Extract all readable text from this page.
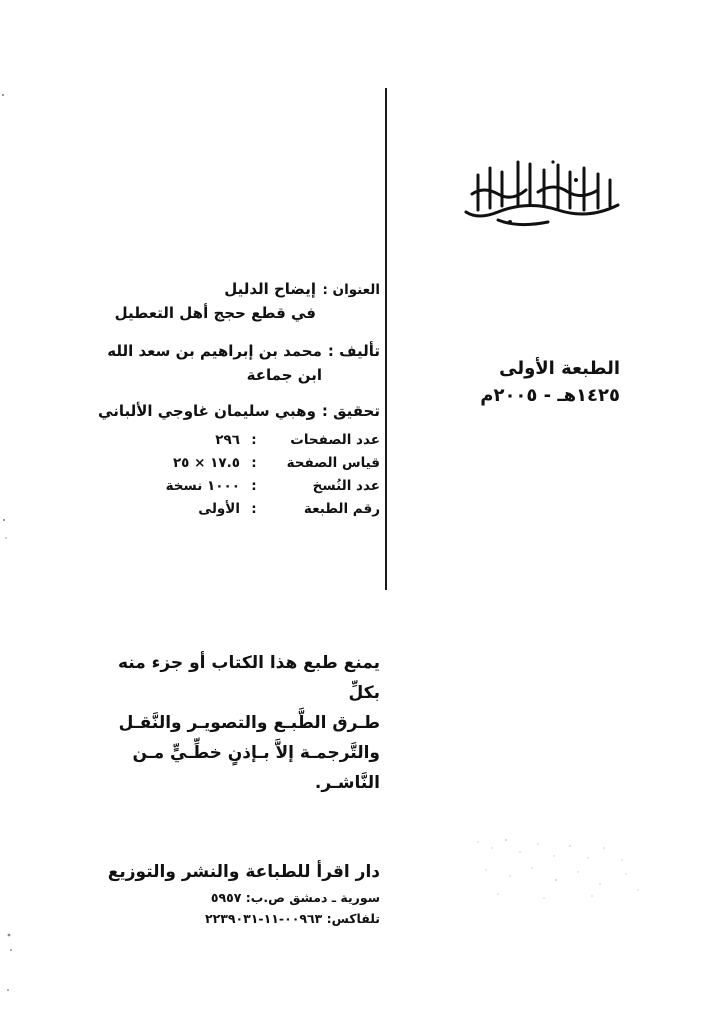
الطبعة الأولى
١٤٢٥هـ - ٢٠٠٥م
العنوان :
إيضاح الدليل
في قطع حجج أهل التعطيل
تأليف :
محمد بن إبراهيم بن سعد الله
ابن جماعة
تحقيق :
وهبي سليمان غاوجي الألباني
عدد الصفحات
:
٢٩٦
قياس الصفحة
:
١٧.٥ × ٢٥
عدد النُسخ
:
١٠٠٠ نسخة
رقم الطبعة
:
الأولى
يمنع طبع هذا الكتاب أو جزء منه بكلِّ
طـرق الطَّبـع والتصويـر والنَّقـل
والتَّرجمـة إلاَّ بـإذنٍ خطِّـيٍّ مـن النَّاشـر.
دار اقرأ للطباعة والنشر والتوزيع
سورية ـ دمشق ص.ب: ٥٩٥٧
تلفاكس: ٠٠٩٦٣-١١-٢٢٣٩٠٣١
